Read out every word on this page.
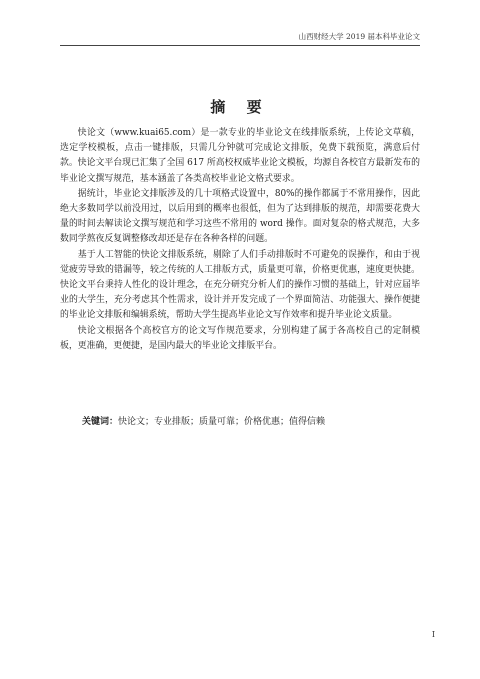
山西财经大学 2019 届本科毕业论文
摘 要

快论文（www.kuai65.com）是一款专业的毕业论文在线排版系统，上传论文草稿，选定学校模板，点击一键排版，只需几分钟就可完成论文排版，免费下载预览，满意后付款。快论文平台现已汇集了全国 617 所高校权威毕业论文模板，均源自各校官方最新发布的毕业论文撰写规范，基本涵盖了各类高校毕业论文格式要求。

据统计，毕业论文排版涉及的几十项格式设置中，80%的操作都属于不常用操作，因此绝大多数同学以前没用过，以后用到的概率也很低，但为了达到排版的规范，却需要花费大量的时间去解读论文撰写规范和学习这些不常用的 word 操作。面对复杂的格式规范，大多数同学熬夜反复调整修改却还是存在各种各样的问题。

基于人工智能的快论文排版系统，剔除了人们手动排版时不可避免的误操作，和由于视觉疲劳导致的错漏等，较之传统的人工排版方式，质量更可靠，价格更优惠，速度更快捷。快论文平台秉持人性化的设计理念，在充分研究分析人们的操作习惯的基础上，针对应届毕业的大学生，充分考虑其个性需求，设计并开发完成了一个界面简洁、功能强大、操作便捷的毕业论文排版和编辑系统，帮助大学生提高毕业论文写作效率和提升毕业论文质量。

快论文根据各个高校官方的论文写作规范要求，分别构建了属于各高校自己的定制模板，更准确，更便捷，是国内最大的毕业论文排版平台。

关键词：快论文；专业排版；质量可靠；价格优惠；值得信赖
I
